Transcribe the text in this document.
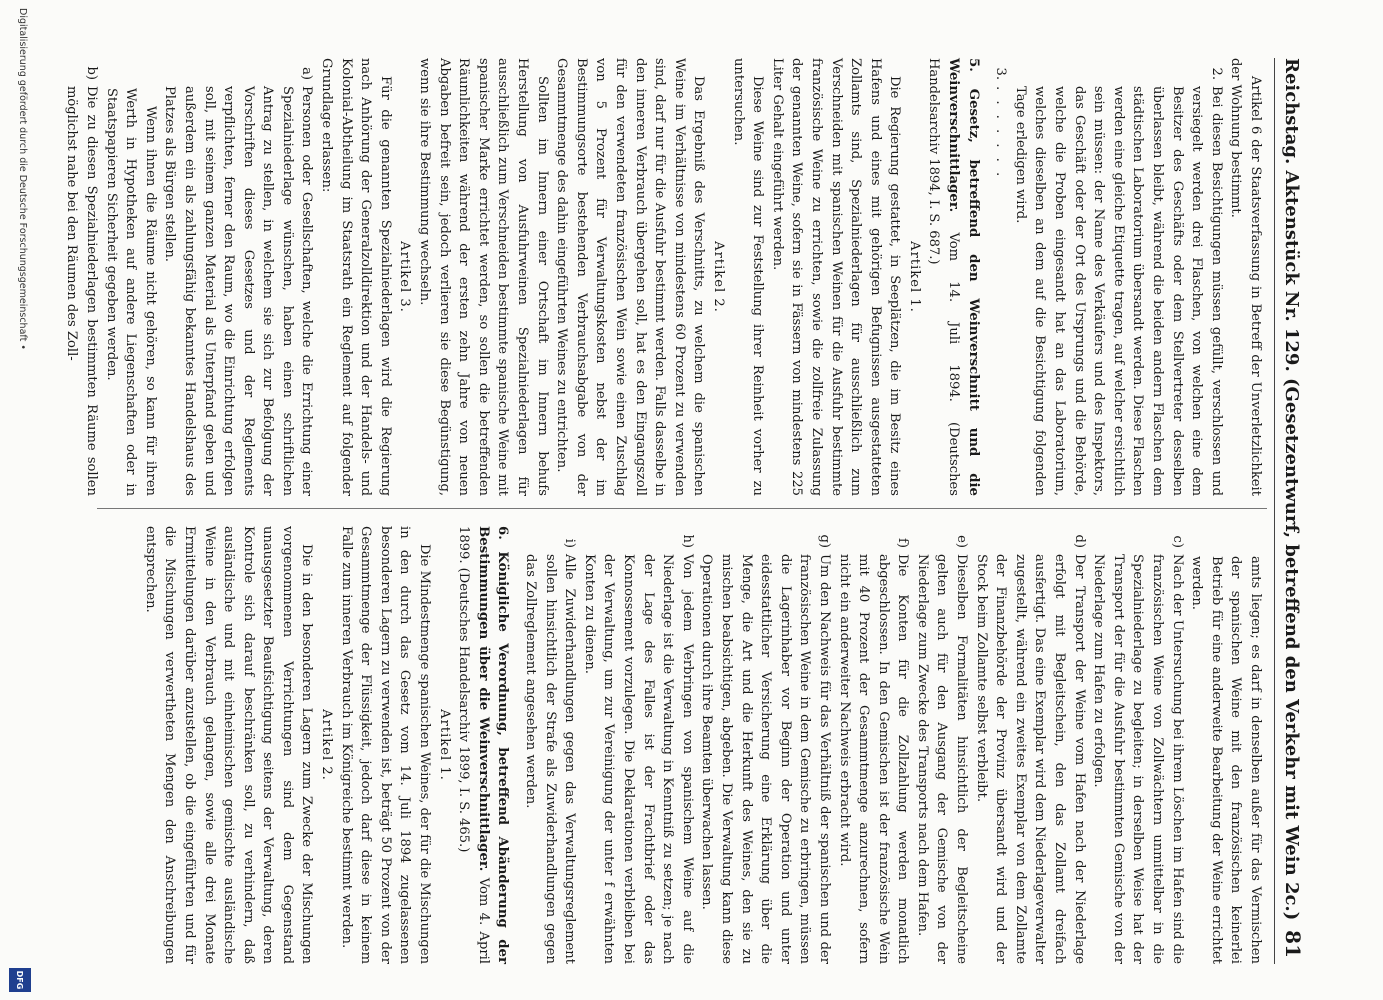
Reichstag. Aktenstück Nr. 129. (Gesetzentwurf, betreffend den Verkehr mit Wein 2c.)
81

Artikel 6 der Staatsverfassung in Betreff der Unverletzlichkeit der Wohnung bestimmt.

2.
Bei diesen Besichtigungen müssen gefüllt, verschlossen und versiegelt werden drei Flaschen, von welchen eine dem Besitzer des Geschäfts oder dem Stellvertreter desselben überlassen bleibt, während die beiden andern Flaschen dem städtischen Laboratorium übersandt werden. Diese Flaschen werden eine gleiche Etiquette tragen, auf welcher ersichtlich sein müssen: der Name des Verkäufers und des Inspektors, das Geschäft oder der Ort des Ursprungs und die Behörde, welche die Proben eingesandt hat an das Laboratorium, welches dieselben an dem auf die Besichtigung folgenden Tage erledigen wird.
3.
. . . . . . .

5. Gesetz, betreffend den Weinverschnitt und die Weinverschnittlager. Vom 14. Juli 1894. (Deutsches Handelsarchiv 1894, I. S. 687.)

Artikel 1.

Die Regierung gestattet, in Seeplätzen, die im Besitz eines Hafens und eines mit gehörigen Befugnissen ausgestatteten Zollamts sind, Spezialniederlagen für ausschließlich zum Verschneiden mit spanischen Weinen für die Ausfuhr bestimmte französische Weine zu errichten, sowie die zollfreie Zulassung der genannten Weine, sofern sie in Fässern von mindestens 225 Liter Gehalt eingeführt werden.

Diese Weine sind zur Feststellung ihrer Reinheit vorher zu untersuchen.

Artikel 2.

Das Ergebniß des Verschnitts, zu welchem die spanischen Weine im Verhältnisse von mindestens 60 Prozent zu verwenden sind, darf nur für die Ausfuhr bestimmt werden. Falls dasselbe in den inneren Verbrauch übergehen soll, hat es den Eingangszoll für den verwendeten französischen Wein sowie einen Zuschlag von 5 Prozent für Verwaltungskosten nebst der im Bestimmungsorte bestehenden Verbrauchsabgabe von der Gesammtmenge des dahin eingeführten Weines zu entrichten.

Sollten im Innern einer Ortschaft im Innern behufs Herstellung von Ausfuhrweinen Spezialniederlagen für ausschließlich zum Verschneiden bestimmte spanische Weine mit spanischer Marke errichtet werden, so sollen die betreffenden Räumlichkeiten während der ersten zehn Jahre von neuen Abgaben befreit sein, jedoch verlieren sie diese Begünstigung, wenn sie ihre Bestimmung wechseln.

Artikel 3.

Für die genannten Spezialniederlagen wird die Regierung nach Anhörung der Generalzolldirektion und der Handels- und Kolonial-Abtheilung im Staatsrath ein Reglement auf folgender Grundlage erlassen:

a)
Personen oder Gesellschaften, welche die Errichtung einer Spezialniederlage wünschen, haben einen schriftlichen Antrag zu stellen, in welchem sie sich zur Befolgung der Vorschriften dieses Gesetzes und der Reglements verpflichten, ferner den Raum, wo die Einrichtung erfolgen soll, mit seinem ganzen Material als Unterpfand geben und außerdem ein als zahlungsfähig bekanntes Handelshaus des Platzes als Bürgen stellen.

Wenn ihnen die Räume nicht gehören, so kann für ihren Werth in Hypotheken auf andere Liegenschaften oder in Staatspapieren Sicherheit gegeben werden.

b)
Die zu diesen Spezialniederlagen bestimmten Räume sollen möglichst nahe bei den Räumen des Zoll-

amts liegen; es darf in denselben außer für das Vermischen der spanischen Weine mit den französischen keinerlei Betrieb für eine anderweite Bearbeitung der Weine errichtet werden.

c)
Nach der Untersuchung bei ihrem Löschen im Hafen sind die französischen Weine von Zollwächtern unmittelbar in die Spezialniederlage zu begleiten; in derselben Weise hat der Transport der für die Ausfuhr bestimmten Gemische von der Niederlage zum Hafen zu erfolgen.
d)
Der Transport der Weine vom Hafen nach der Niederlage erfolgt mit Begleitschein, den das Zollamt dreifach ausfertigt. Das eine Exemplar wird dem Niederlageverwalter zugestellt, während ein zweites Exemplar von dem Zollamte der Finanzbehörde der Provinz übersandt wird und der Stock beim Zollamte selbst verbleibt.
e)
Dieselben Formalitäten hinsichtlich der Begleitscheine gelten auch für den Ausgang der Gemische von der Niederlage zum Zwecke des Transports nach dem Hafen.
f)
Die Konten für die Zollzahlung werden monatlich abgeschlossen. In den Gemischen ist der französische Wein mit 40 Prozent der Gesammtmenge anzurechnen, sofern nicht ein anderweiter Nachweis erbracht wird.
g)
Um den Nachweis für das Verhältniß der spanischen und der französischen Weine in dem Gemische zu erbringen, müssen die Lagerinhaber vor Beginn der Operation und unter eidesstattlicher Versicherung eine Erklärung über die Menge, die Art und die Herkunft des Weines, den sie zu mischen beabsichtigen, abgeben. Die Verwaltung kann diese Operationen durch ihre Beamten überwachen lassen.
h)
Von jedem Verbringen von spanischem Weine auf die Niederlage ist die Verwaltung in Kenntniß zu setzen; je nach der Lage des Falles ist der Frachtbrief oder das Konnossement vorzulegen. Die Deklarationen verbleiben bei der Verwaltung, um zur Vereinigung der unter f erwähnten Konten zu dienen.
i)
Alle Zuwiderhandlungen gegen das Verwaltungsreglement sollen hinsichtlich der Strafe als Zuwiderhandlungen gegen das Zollreglement angesehen werden.

6. Königliche Verordnung, betreffend Abänderung der Bestimmungen über die Weinverschnittlager. Vom 4. April 1899. (Deutsches Handelsarchiv 1899, I. S. 465.)

Artikel 1.

Die Mindestmenge spanischen Weines, der für die Mischungen in den durch das Gesetz vom 14. Juli 1894 zugelassenen besonderen Lagern zu verwenden ist, beträgt 50 Prozent von der Gesammtmenge der Flüssigkeit, jedoch darf diese in keinem Falle zum inneren Verbrauch im Königreiche bestimmt werden.

Artikel 2.

Die in den besonderen Lagern zum Zwecke der Mischungen vorgenommenen Verrichtungen sind dem Gegenstand unausgesetzter Beaufsichtigung seitens der Verwaltung, deren Kontrole sich darauf beschränken soll, zu verhindern, daß ausländische und mit einheimischen gemischte ausländische Weine in den Verbrauch gelangen, sowie alle drei Monate Ermittelungen darüber anzustellen, ob die eingeführten und für die Mischungen verwertheten Mengen den Anschreibungen entsprechen.

Digitalisierung gefördert durch die Deutsche Forschungsgemeinschaft •
DFG
